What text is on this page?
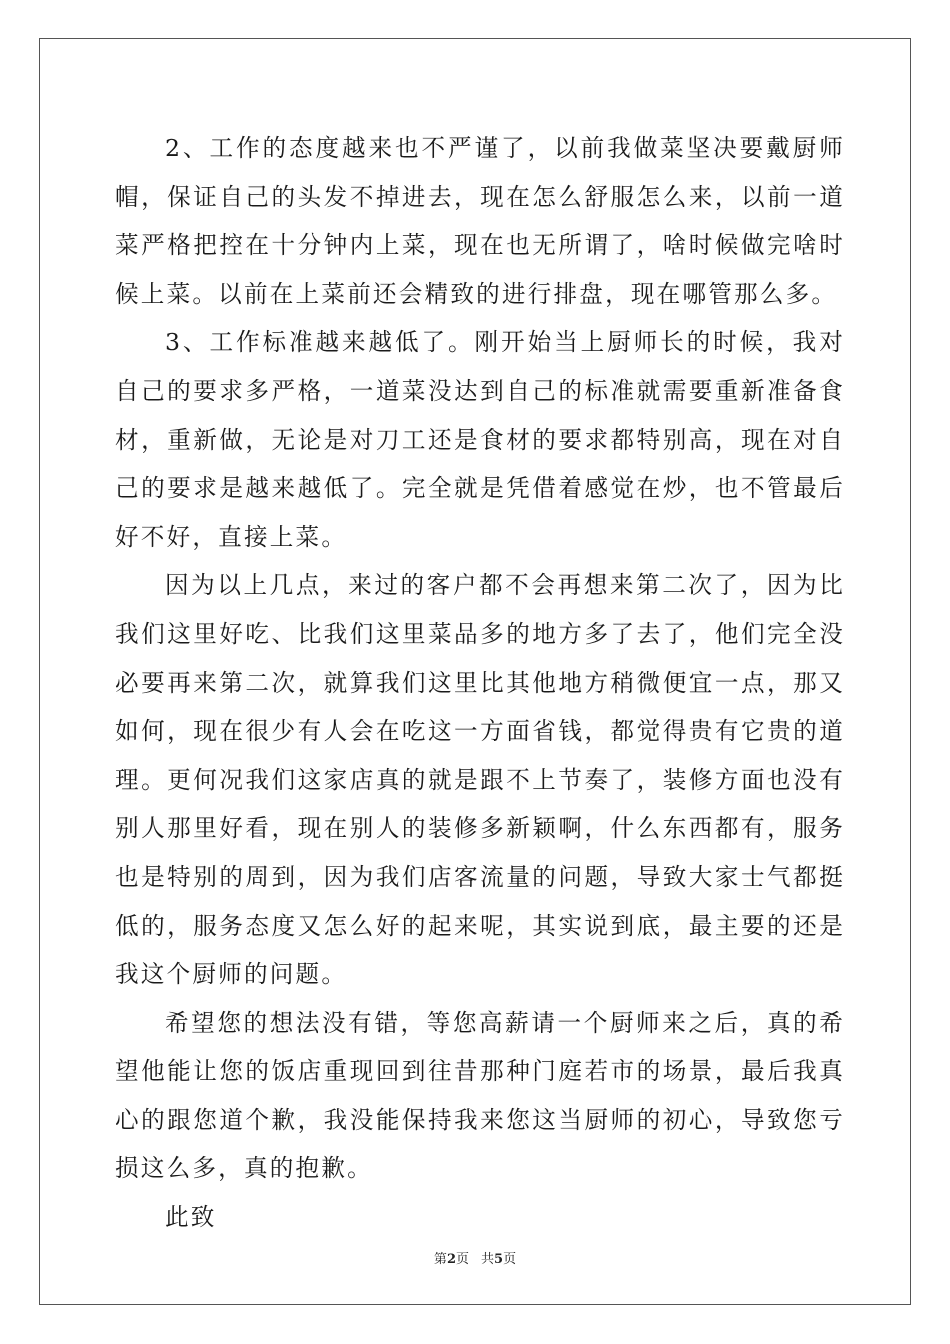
2、工作的态度越来也不严谨了，以前我做菜坚决要戴厨师帽，保证自己的头发不掉进去，现在怎么舒服怎么来，以前一道菜严格把控在十分钟内上菜，现在也无所谓了，啥时候做完啥时候上菜。以前在上菜前还会精致的进行排盘，现在哪管那么多。

3、工作标准越来越低了。刚开始当上厨师长的时候，我对自己的要求多严格，一道菜没达到自己的标准就需要重新准备食材，重新做，无论是对刀工还是食材的要求都特别高，现在对自己的要求是越来越低了。完全就是凭借着感觉在炒，也不管最后好不好，直接上菜。

因为以上几点，来过的客户都不会再想来第二次了，因为比我们这里好吃、比我们这里菜品多的地方多了去了，他们完全没必要再来第二次，就算我们这里比其他地方稍微便宜一点，那又如何，现在很少有人会在吃这一方面省钱，都觉得贵有它贵的道理。更何况我们这家店真的就是跟不上节奏了，装修方面也没有别人那里好看，现在别人的装修多新颖啊，什么东西都有，服务也是特别的周到，因为我们店客流量的问题，导致大家士气都挺低的，服务态度又怎么好的起来呢，其实说到底，最主要的还是我这个厨师的问题。

希望您的想法没有错，等您高薪请一个厨师来之后，真的希望他能让您的饭店重现回到往昔那种门庭若市的场景，最后我真心的跟您道个歉，我没能保持我来您这当厨师的初心，导致您亏损这么多，真的抱歉。

此致

第2页 共5页
